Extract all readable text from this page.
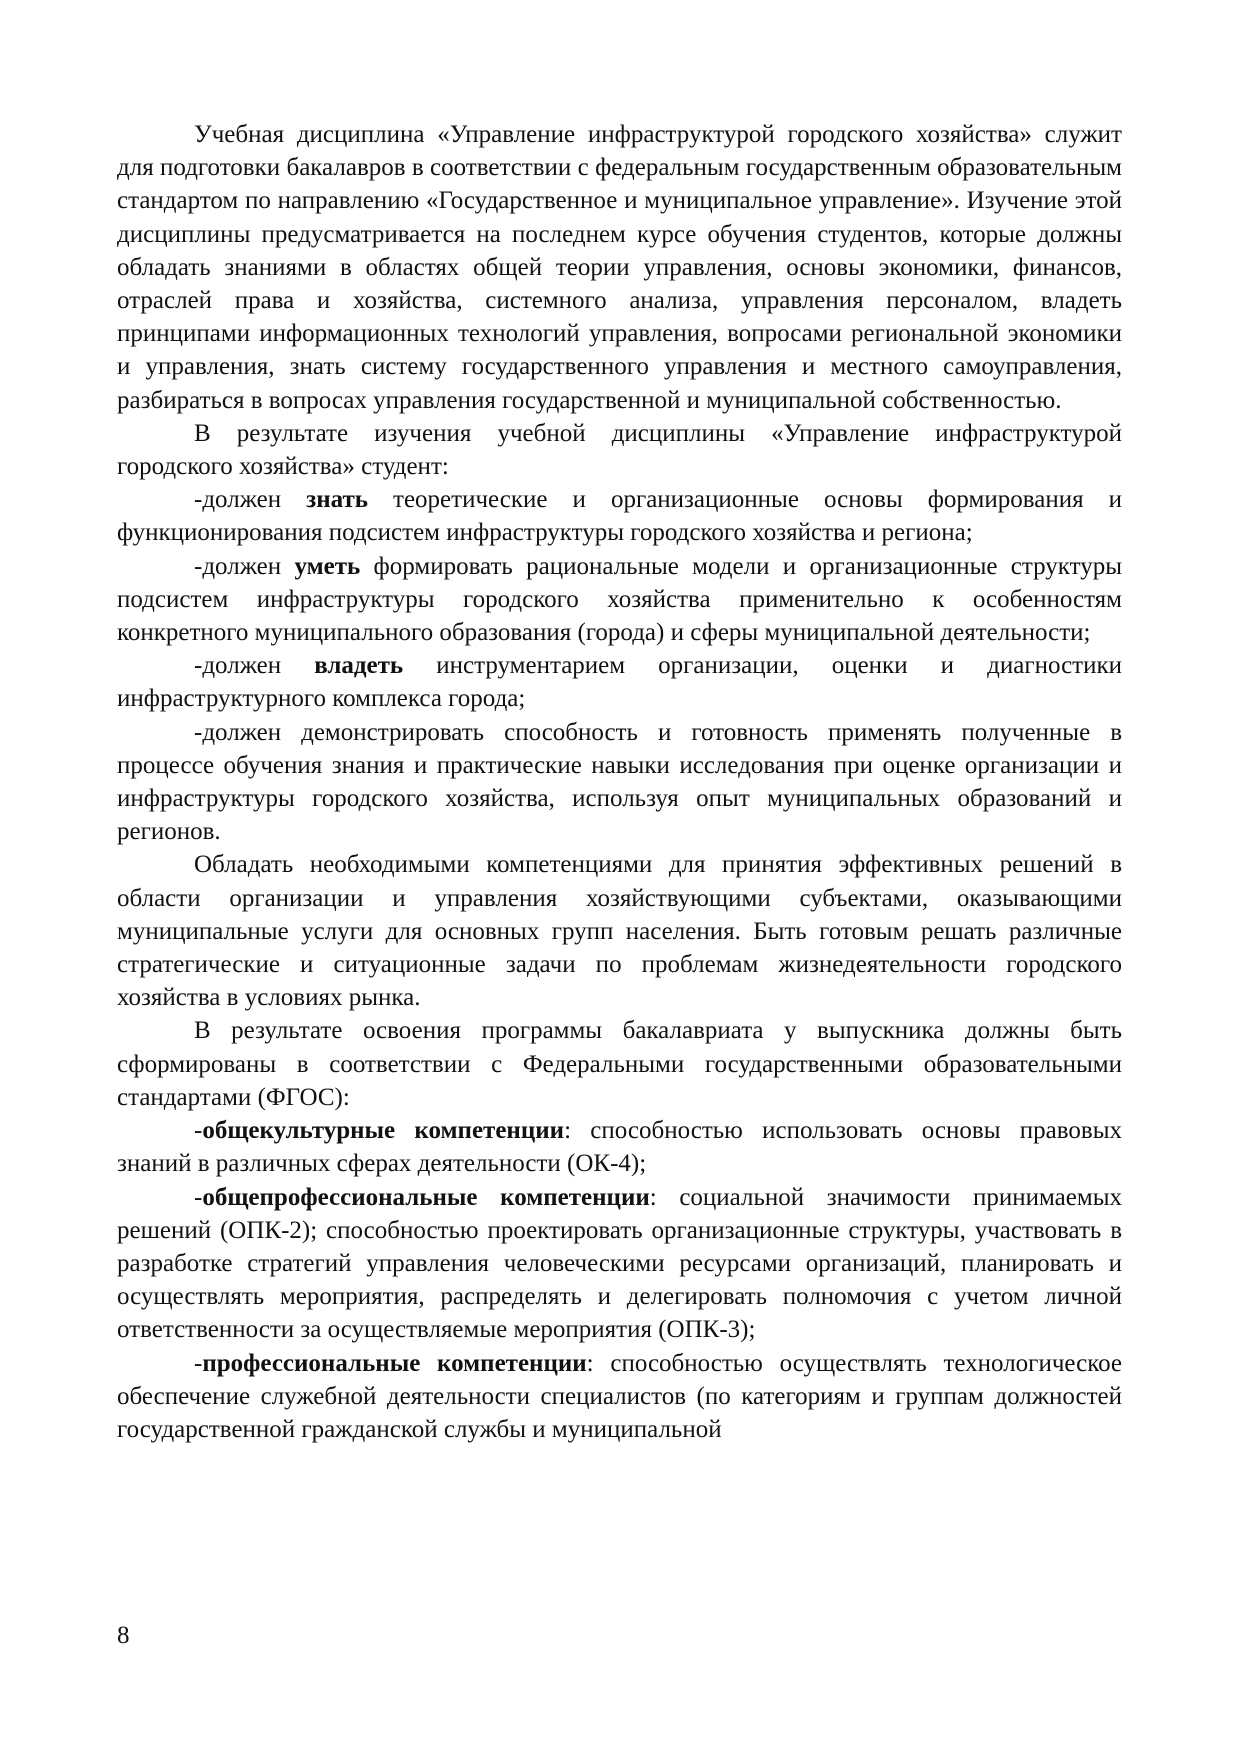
Учебная дисциплина «Управление инфраструктурой городского хозяйства» служит для подготовки бакалавров в соответствии с федеральным государственным образовательным стандартом по направлению «Государственное и муниципальное управление». Изучение этой дисциплины предусматривается на последнем курсе обучения студентов, которые должны обладать знаниями в областях общей теории управления, основы экономики, финансов, отраслей права и хозяйства, системного анализа, управления персоналом, владеть принципами информационных технологий управления, вопросами региональной экономики и управления, знать систему государственного управления и местного самоуправления, разбираться в вопросах управления государственной и муниципальной собственностью.

В результате изучения учебной дисциплины «Управление инфраструктурой городского хозяйства» студент:

-должен знать теоретические и организационные основы формирования и функционирования подсистем инфраструктуры городского хозяйства и региона;

-должен уметь формировать рациональные модели и организационные структуры подсистем инфраструктуры городского хозяйства применительно к особенностям конкретного муниципального образования (города) и сферы муниципальной деятельности;

-должен владеть инструментарием организации, оценки и диагностики инфраструктурного комплекса города;

-должен демонстрировать способность и готовность применять полученные в процессе обучения знания и практические навыки исследования при оценке организации и инфраструктуры городского хозяйства, используя опыт муниципальных образований и регионов.

Обладать необходимыми компетенциями для принятия эффективных решений в области организации и управления хозяйствующими субъектами, оказывающими муниципальные услуги для основных групп населения. Быть готовым решать различные стратегические и ситуационные задачи по проблемам жизнедеятельности городского хозяйства в условиях рынка.

В результате освоения программы бакалавриата у выпускника должны быть сформированы в соответствии с Федеральными государственными образовательными стандартами (ФГОС):

-общекультурные компетенции: способностью использовать основы правовых знаний в различных сферах деятельности (ОК-4);

-общепрофессиональные компетенции: социальной значимости принимаемых решений (ОПК-2); способностью проектировать организационные структуры, участвовать в разработке стратегий управления человеческими ресурсами организаций, планировать и осуществлять мероприятия, распределять и делегировать полномочия с учетом личной ответственности за осуществляемые мероприятия (ОПК-3);

-профессиональные компетенции: способностью осуществлять технологическое обеспечение служебной деятельности специалистов (по категориям и группам должностей государственной гражданской службы и муниципальной

8
